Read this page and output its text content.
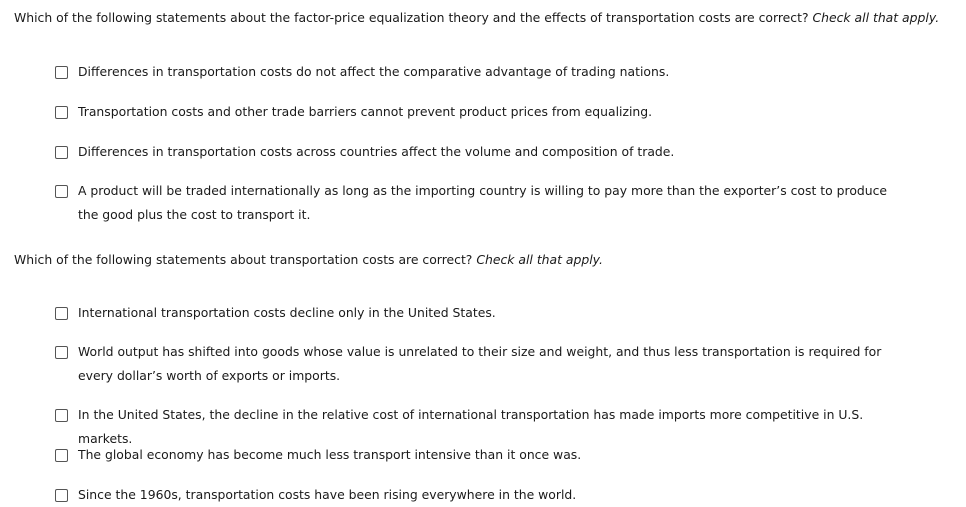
Which of the following statements about the factor-price equalization theory and the effects of transportation costs are correct? Check all that apply.
Differences in transportation costs do not affect the comparative advantage of trading nations.
Transportation costs and other trade barriers cannot prevent product prices from equalizing.
Differences in transportation costs across countries affect the volume and composition of trade.
A product will be traded internationally as long as the importing country is willing to pay more than the exporter’s cost to produce the good plus the cost to transport it.
Which of the following statements about transportation costs are correct? Check all that apply.
International transportation costs decline only in the United States.
World output has shifted into goods whose value is unrelated to their size and weight, and thus less transportation is required for every dollar’s worth of exports or imports.
In the United States, the decline in the relative cost of international transportation has made imports more competitive in U.S. markets.
The global economy has become much less transport intensive than it once was.
Since the 1960s, transportation costs have been rising everywhere in the world.
